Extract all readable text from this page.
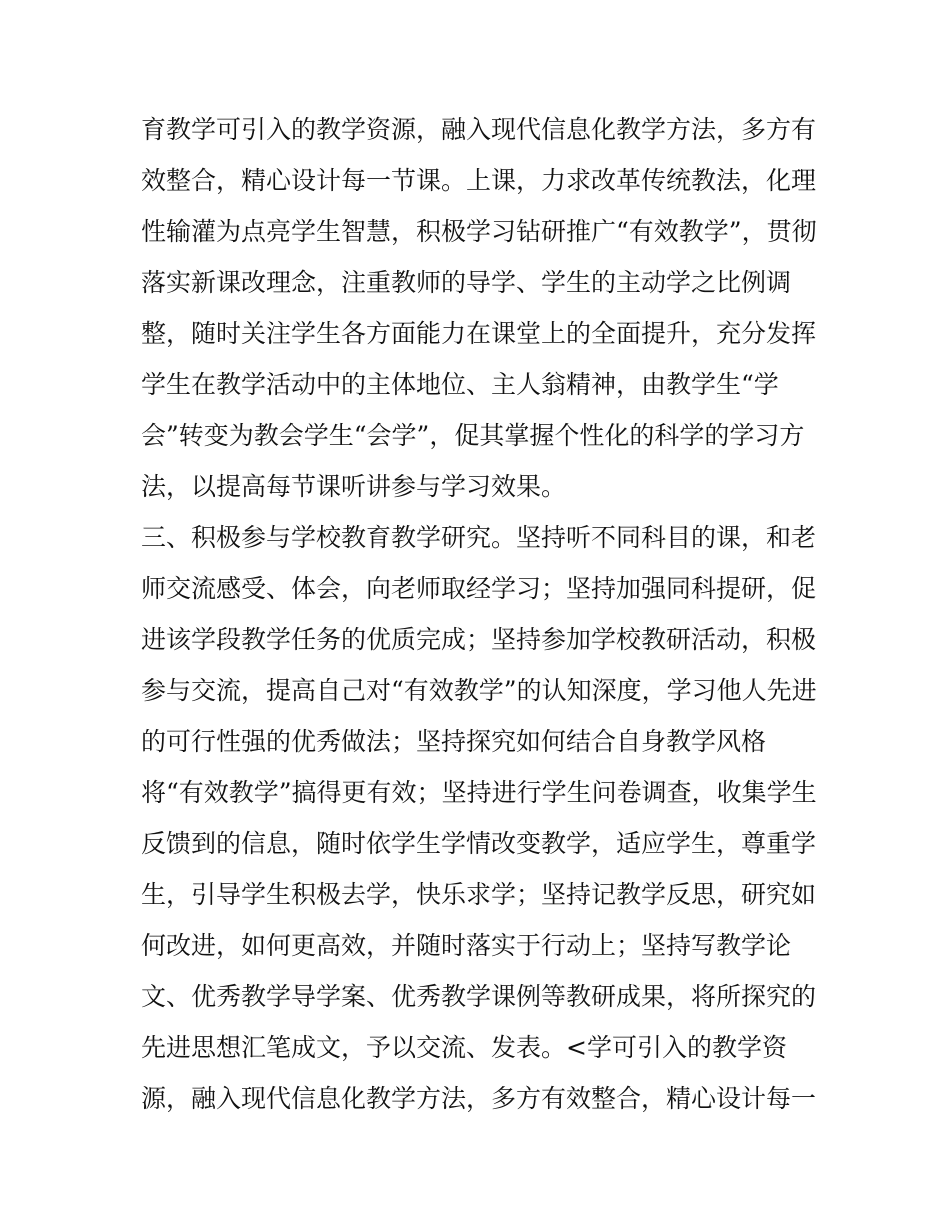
育教学可引入的教学资源，融入现代信息化教学方法，多方有
效整合，精心设计每一节课。上课，力求改革传统教法，化理
性输灌为点亮学生智慧，积极学习钻研推广“有效教学”，贯彻
落实新课改理念，注重教师的导学、学生的主动学之比例调
整，随时关注学生各方面能力在课堂上的全面提升，充分发挥
学生在教学活动中的主体地位、主人翁精神，由教学生“学
会”转变为教会学生“会学”，促其掌握个性化的科学的学习方
法，以提高每节课听讲参与学习效果。
三、积极参与学校教育教学研究。坚持听不同科目的课，和老
师交流感受、体会，向老师取经学习；坚持加强同科提研，促
进该学段教学任务的优质完成；坚持参加学校教研活动，积极
参与交流，提高自己对“有效教学”的认知深度，学习他人先进
的可行性强的优秀做法；坚持探究如何结合自身教学风格
将“有效教学”搞得更有效；坚持进行学生问卷调查，收集学生
反馈到的信息，随时依学生学情改变教学，适应学生，尊重学
生，引导学生积极去学，快乐求学；坚持记教学反思，研究如
何改进，如何更高效，并随时落实于行动上；坚持写教学论
文、优秀教学导学案、优秀教学课例等教研成果，将所探究的
先进思想汇笔成文，予以交流、发表。<学可引入的教学资
源，融入现代信息化教学方法，多方有效整合，精心设计每一
